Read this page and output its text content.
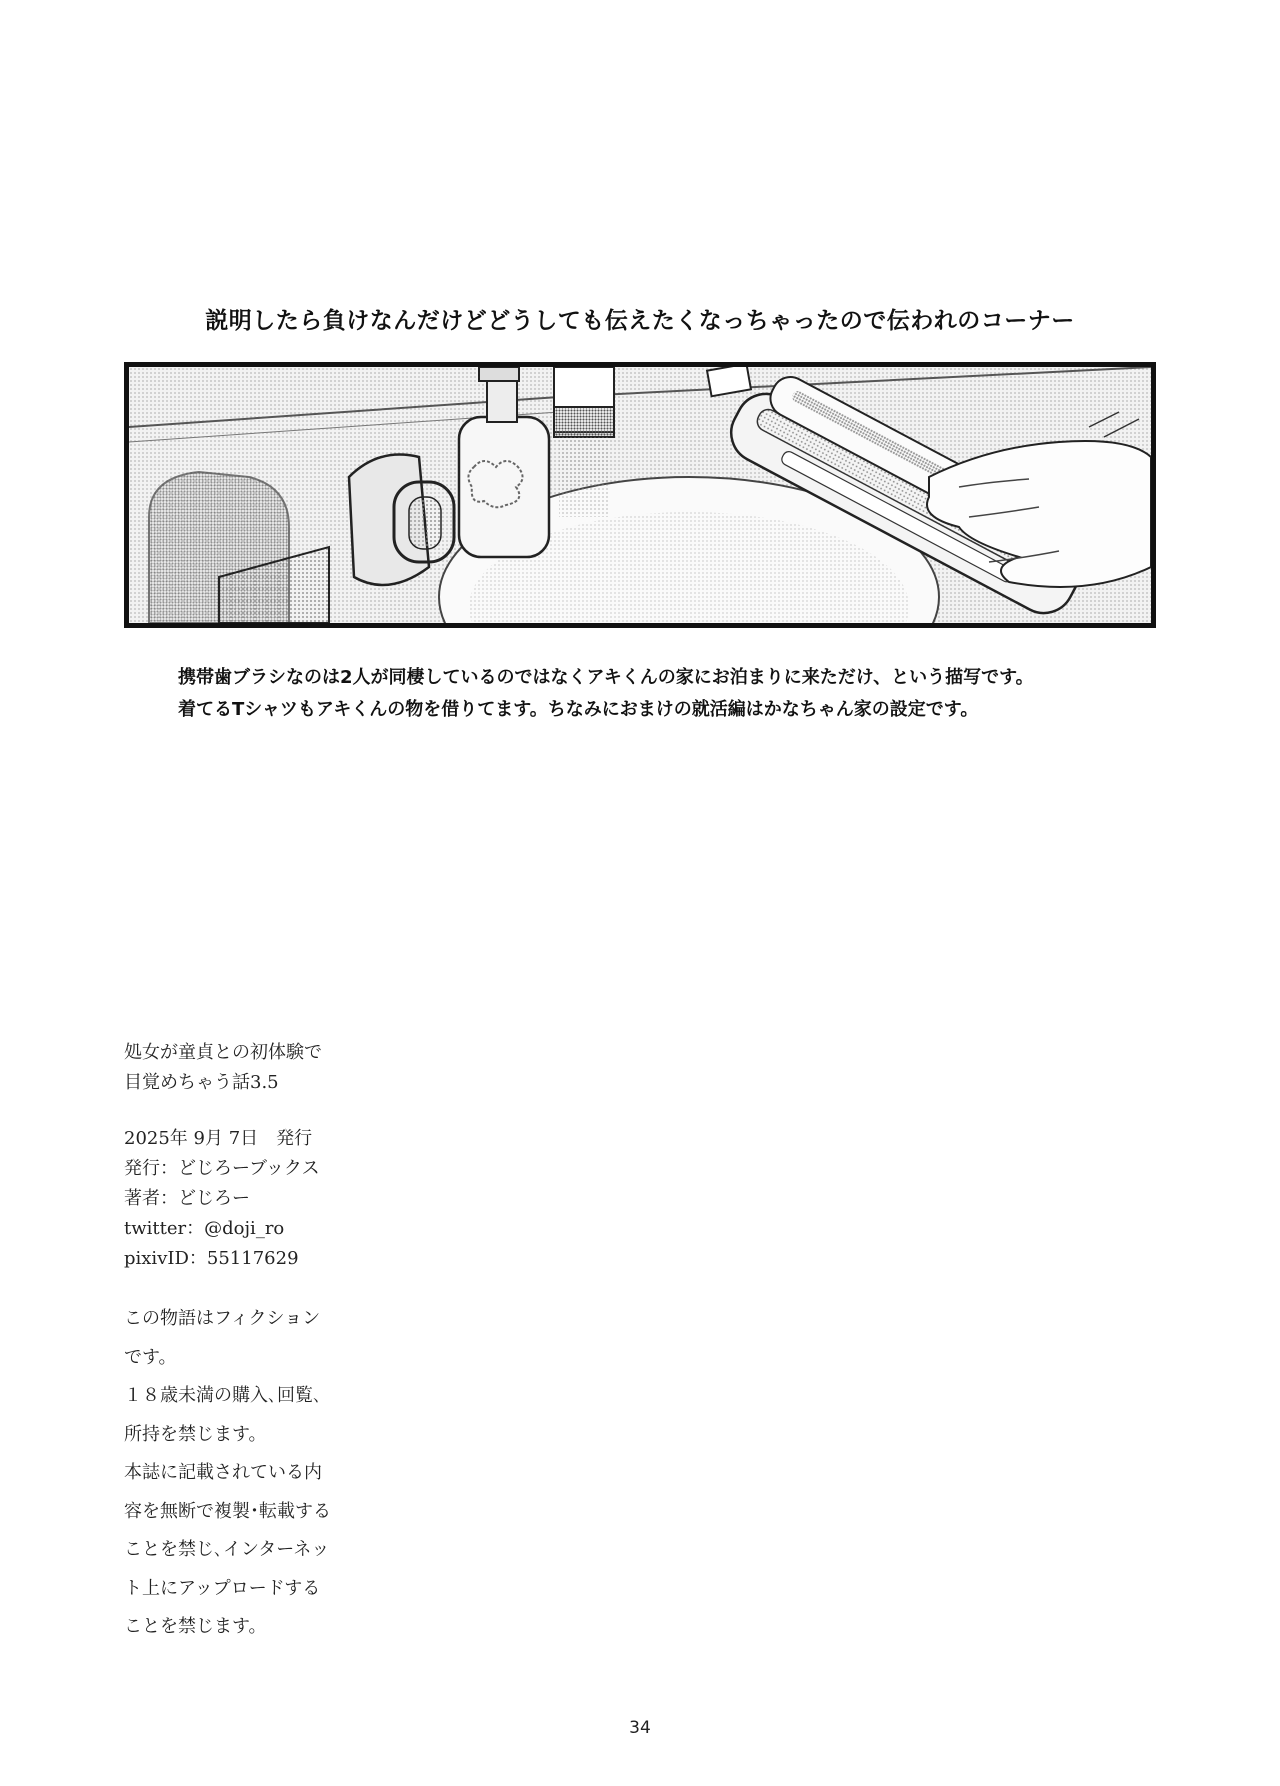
説明したら負けなんだけどどうしても伝えたくなっちゃったので伝われのコーナー
携帯歯ブラシなのは2人が同棲しているのではなくアキくんの家にお泊まりに来ただけ、という描写です。
着てるTシャツもアキくんの物を借りてます。ちなみにおまけの就活編はかなちゃん家の設定です。
処女が童貞との初体験で
目覚めちゃう話3.5
2025年 9月 7日　発行
発行：どじろーブックス
著者：どじろー
twitter：@doji_ro
pixivID：55117629
この物語はフィクション
です。
１８歳未満の購入､回覧､
所持を禁じます。
本誌に記載されている内
容を無断で複製･転載する
ことを禁じ､インターネッ
ト上にアップロードする
ことを禁じます。
34
